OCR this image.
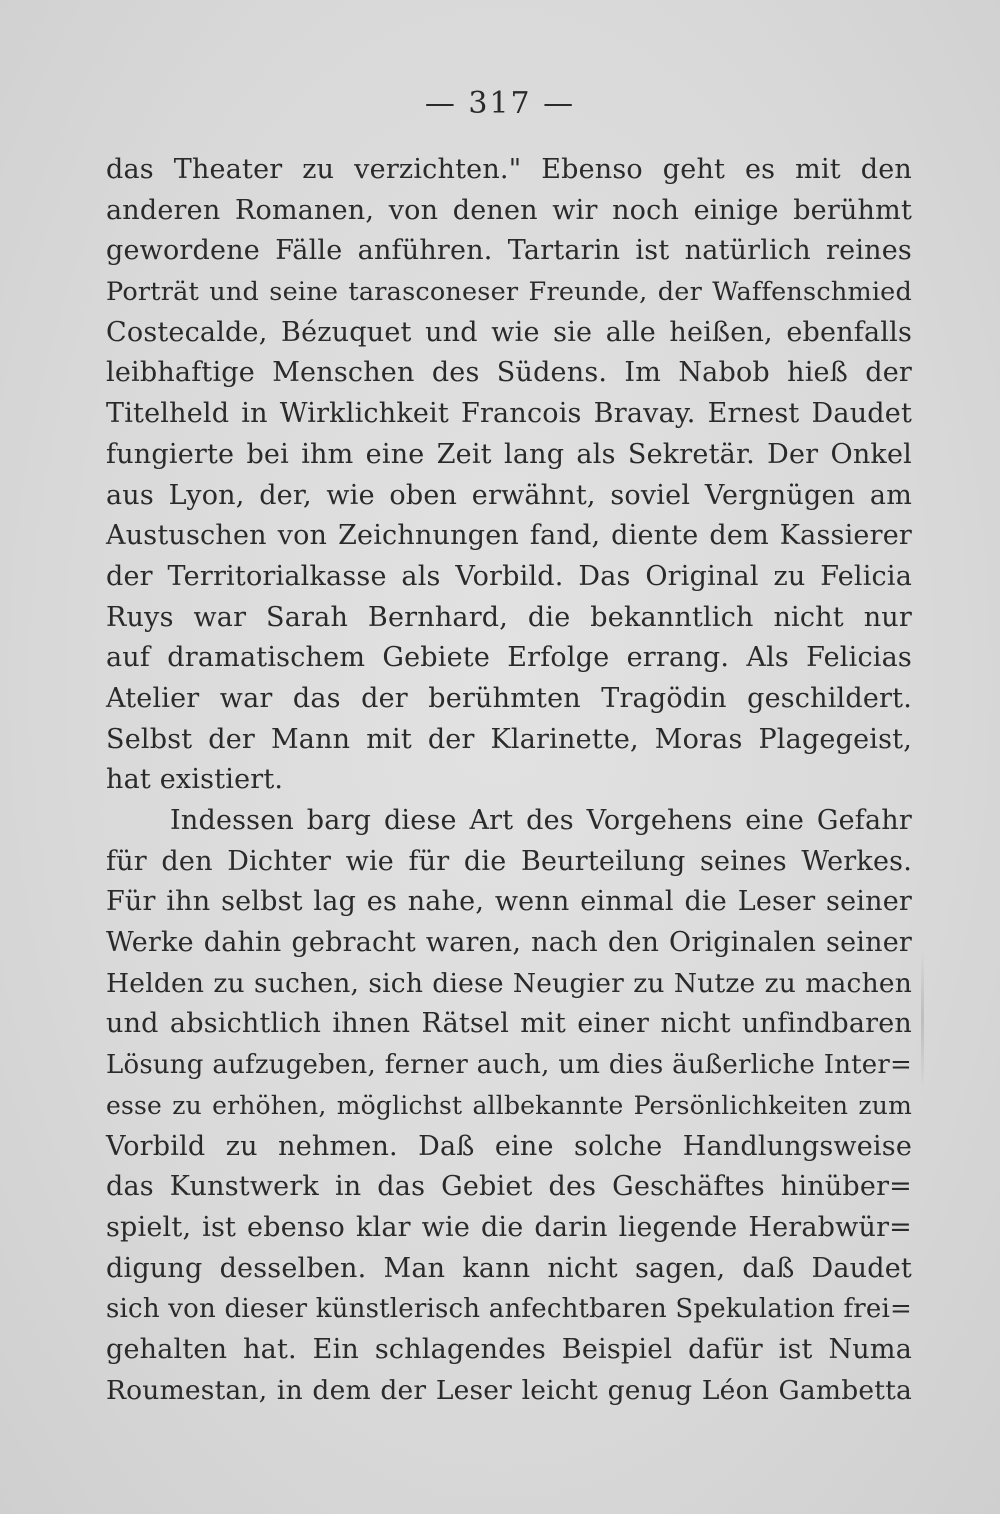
— 317 —
das Theater zu verzichten." Ebenso geht es mit den
anderen Romanen, von denen wir noch einige berühmt
gewordene Fälle anführen. Tartarin ist natürlich reines
Porträt und seine tarasconeser Freunde, der Waffenschmied
Costecalde, Bézuquet und wie sie alle heißen, ebenfalls
leibhaftige Menschen des Südens. Im Nabob hieß der
Titelheld in Wirklichkeit Francois Bravay. Ernest Daudet
fungierte bei ihm eine Zeit lang als Sekretär. Der Onkel
aus Lyon, der, wie oben erwähnt, soviel Vergnügen am
Austuschen von Zeichnungen fand, diente dem Kassierer
der Territorialkasse als Vorbild. Das Original zu Felicia
Ruys war Sarah Bernhard, die bekanntlich nicht nur
auf dramatischem Gebiete Erfolge errang. Als Felicias
Atelier war das der berühmten Tragödin geschildert.
Selbst der Mann mit der Klarinette, Moras Plagegeist,
hat existiert.
Indessen barg diese Art des Vorgehens eine Gefahr
für den Dichter wie für die Beurteilung seines Werkes.
Für ihn selbst lag es nahe, wenn einmal die Leser seiner
Werke dahin gebracht waren, nach den Originalen seiner
Helden zu suchen, sich diese Neugier zu Nutze zu machen
und absichtlich ihnen Rätsel mit einer nicht unfindbaren
Lösung aufzugeben, ferner auch, um dies äußerliche Inter=
esse zu erhöhen, möglichst allbekannte Persönlichkeiten zum
Vorbild zu nehmen. Daß eine solche Handlungsweise
das Kunstwerk in das Gebiet des Geschäftes hinüber=
spielt, ist ebenso klar wie die darin liegende Herabwür=
digung desselben. Man kann nicht sagen, daß Daudet
sich von dieser künstlerisch anfechtbaren Spekulation frei=
gehalten hat. Ein schlagendes Beispiel dafür ist Numa
Roumestan, in dem der Leser leicht genug Léon Gambetta
